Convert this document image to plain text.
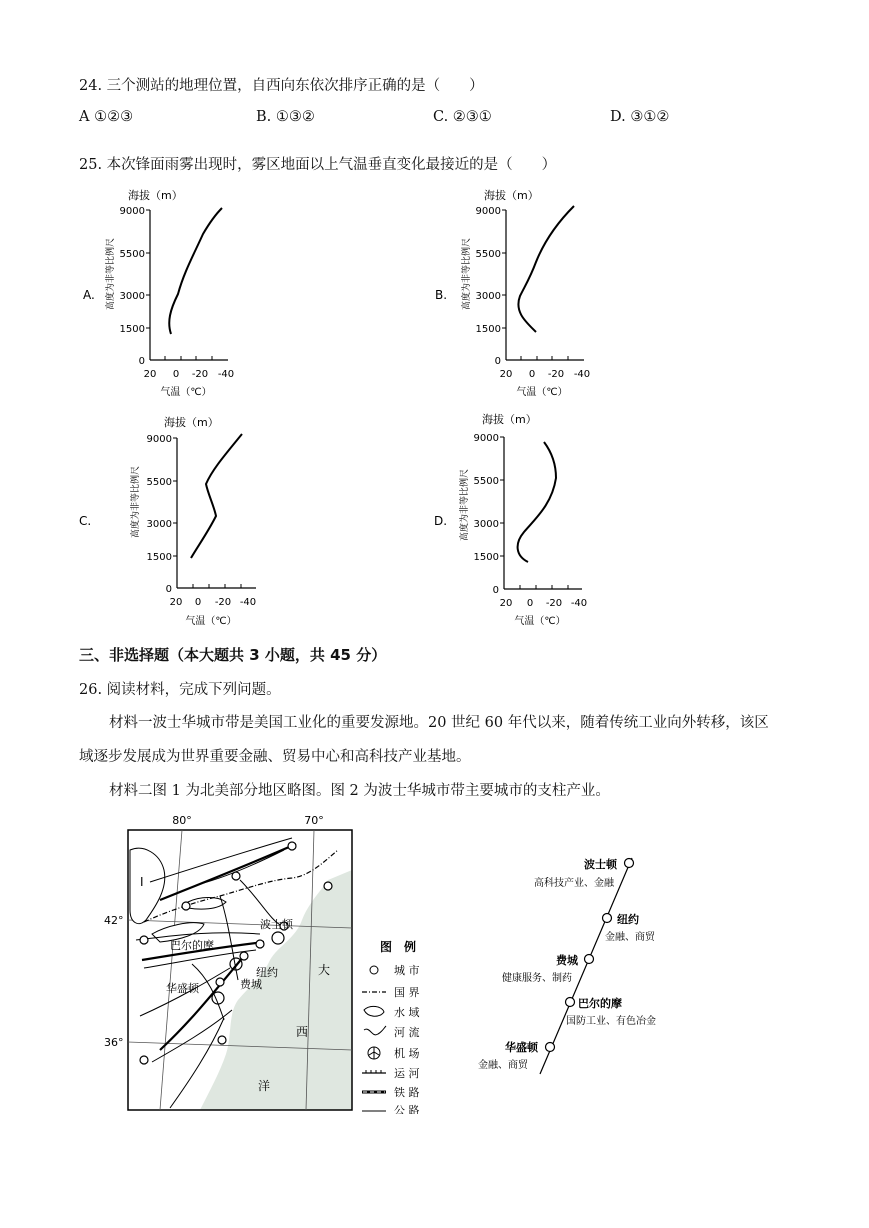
24. 三个测站的地理位置，自西向东依次排序正确的是（　　）
A ①②③	B. ①③②	C. ②③①	D. ③①②
25. 本次锋面雨雾出现时，雾区地面以上气温垂直变化最接近的是（　　）
海拔（m）
A. 高度为非等比例尺
9000
5500
3000
1500
0
20 0 -20 -40
气温（℃）
海拔（m）
B. 高度为非等比例尺
9000
5500
3000
1500
0
20 0 -20 -40
气温（℃）
海拔（m）
C.	高度为非等比例尺
9000
5500
3000
1500
0
20 0 -20 -40
气温（℃）
海拔（m）
D. 高度为非等比例尺
9000
5500
3000
1500
0
20 0 -20 -40
气温（℃）
三、非选择题（本大题共 3 小题，共 45 分）
26. 阅读材料，完成下列问题。
材料一波士华城市带是美国工业化的重要发源地。20 世纪 60 年代以来，随着传统工业向外转移，该区
域逐步发展成为世界重要金融、贸易中心和高科技产业基地。
材料二图 1 为北美部分地区略图。图 2 为波士华城市带主要城市的支柱产业。
80°	70°
42°
36°
I
波士顿
巴尔的摩
纽约
华盛顿	费城
大
西
洋
图　例
城 市
国 界
水 域
河 流
机 场
运 河
铁 路
公 路
波士顿
纽约
费城
巴尔的摩
华盛顿
高科技产业、金融
金融、商贸
健康服务、制药
国防工业、有色冶金
金融、商贸
